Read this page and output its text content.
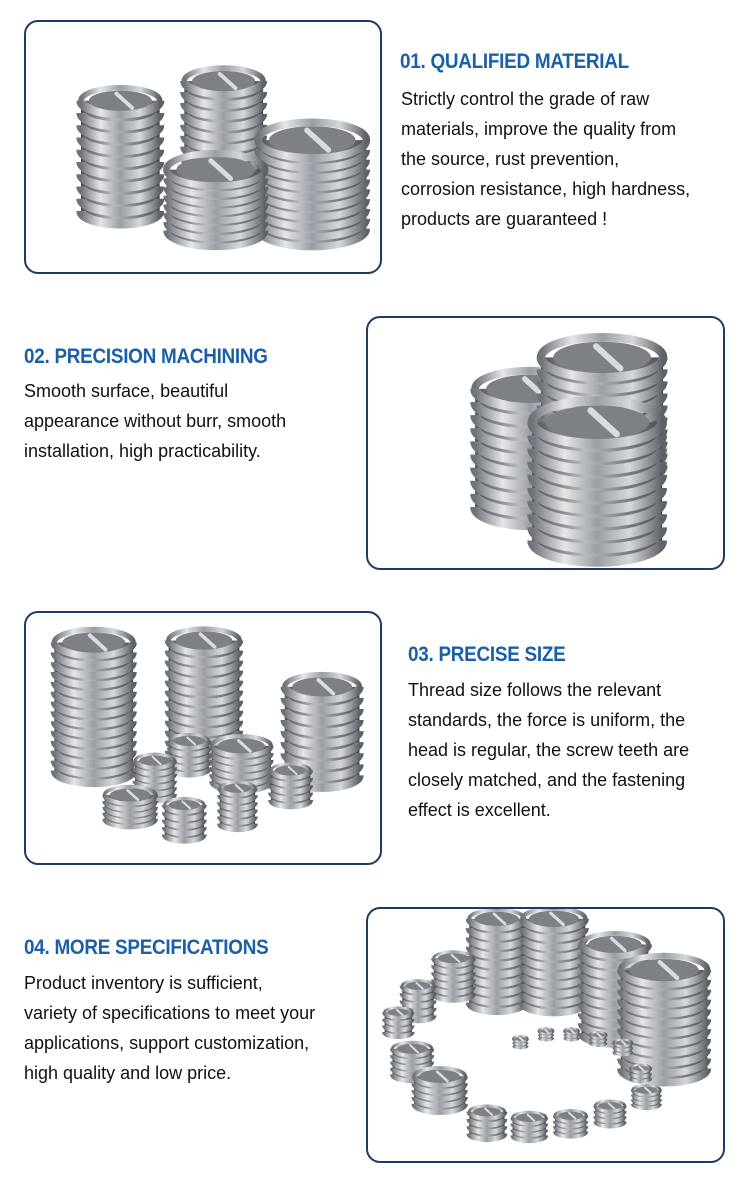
01. QUALIFIED MATERIAL
Strictly control the grade of raw
materials, improve the quality from
the source, rust prevention,
corrosion resistance, high hardness,
products are guaranteed !
02. PRECISION MACHINING
Smooth surface, beautiful
appearance without burr, smooth
installation, high practicability.
03. PRECISE SIZE
Thread size follows the relevant
standards, the force is uniform, the
head is regular, the screw teeth are
closely matched, and the fastening
effect is excellent.
04. MORE SPECIFICATIONS
Product inventory is sufficient,
variety of specifications to meet your
applications, support customization,
high quality and low price.
